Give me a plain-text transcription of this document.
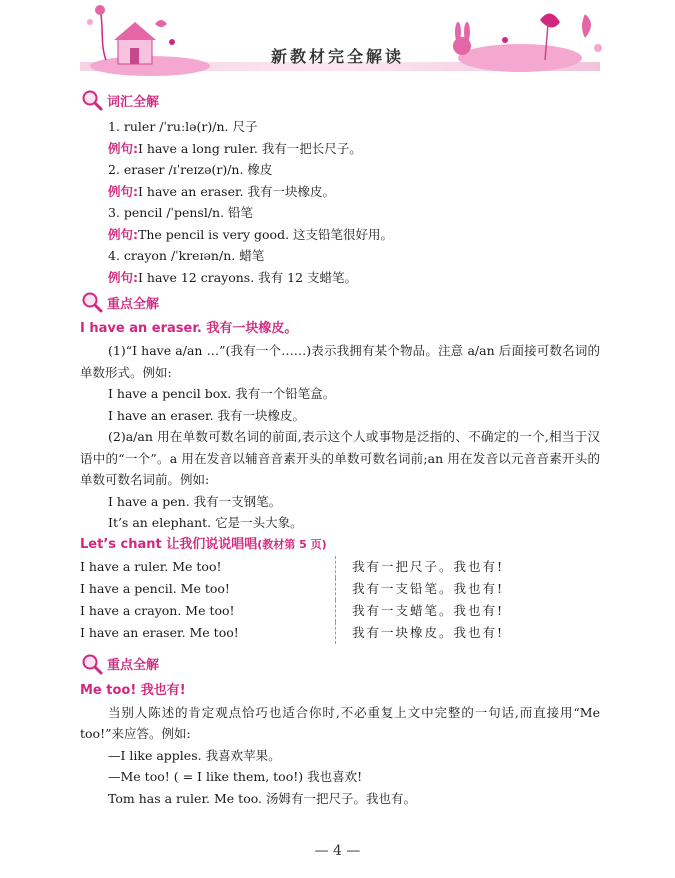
新教材完全解读
词汇全解
1. ruler /ˈruːlə(r)/n. 尺子
例句:I have a long ruler. 我有一把长尺子。
2. eraser /ɪˈreɪzə(r)/n. 橡皮
例句:I have an eraser. 我有一块橡皮。
3. pencil /ˈpensl/n. 铅笔
例句:The pencil is very good. 这支铅笔很好用。
4. crayon /ˈkreɪən/n. 蜡笔
例句:I have 12 crayons. 我有 12 支蜡笔。
重点全解
I have an eraser. 我有一块橡皮。
(1)“I have a/an …”(我有一个……)表示我拥有某个物品。注意 a/an 后面接可数名词的单数形式。例如:
I have a pencil box. 我有一个铅笔盒。
I have an eraser. 我有一块橡皮。
(2)a/an 用在单数可数名词的前面,表示这个人或事物是泛指的、不确定的一个,相当于汉语中的“一个”。a 用在发音以辅音音素开头的单数可数名词前;an 用在发音以元音音素开头的单数可数名词前。例如:
I have a pen. 我有一支钢笔。
It’s an elephant. 它是一头大象。
Let’s chant 让我们说说唱唱(教材第 5 页)
I have a ruler. Me too!	我有一把尺子。我也有!
I have a pencil. Me too!	我有一支铅笔。我也有!
I have a crayon. Me too!	我有一支蜡笔。我也有!
I have an eraser. Me too!	我有一块橡皮。我也有!
重点全解
Me too! 我也有!
当别人陈述的肯定观点恰巧也适合你时,不必重复上文中完整的一句话,而直接用“Me too!”来应答。例如:
—I like apples. 我喜欢苹果。
—Me too! ( = I like them, too!) 我也喜欢!
Tom has a ruler. Me too. 汤姆有一把尺子。我也有。
— 4 —
